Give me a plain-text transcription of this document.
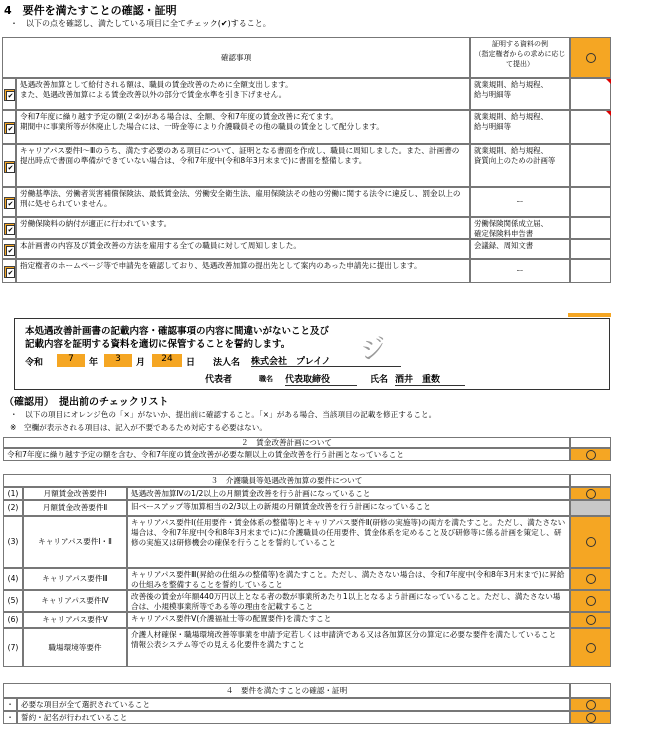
4　要件を満たすことの確認・証明
・　以下の点を確認し、満たしている項目に全てチェック(✔)すること。
確認事項
証明する資料の例
（指定権者からの求めに応じて提出）
✔
処遇改善加算として給付される額は、職員の賃金改善のために全額支出します。
また、処遇改善加算による賃金改善以外の部分で賃金水準を引き下げません。
就業規則、給与規程、
給与明細等
✔
令和7年度に繰り越す予定の額(２②)がある場合は、全額、令和7年度の賃金改善に充てます。
期間中に事業所等が休廃止した場合には、一時金等により介護職員その他の職員の賃金として配分します。
就業規則、給与規程、
給与明細等
✔
キャリアパス要件Ⅰ～Ⅲのうち、満たす必要のある項目について、証明となる書面を作成し、職員に周知しました。また、計画書の提出時点で書面の準備ができていない場合は、令和7年度中(令和8年3月末まで)に書面を整備します。
就業規則、給与規程、
資質向上のための計画等
✔
労働基準法、労働者災害補償保険法、最低賃金法、労働安全衛生法、雇用保険法その他の労働に関する法令に違反し、罰金以上の刑に処せられていません。	ー
✔
労働保険料の納付が適正に行われています。	労働保険関係成立届、
確定保険料申告書
✔
本計画書の内容及び賃金改善の方法を雇用する全ての職員に対して周知しました。	会議録、周知文書
✔
指定権者のホームページ等で申請先を確認しており、処遇改善加算の提出先として案内のあった申請先に提出します。
ー
本処遇改善計画書の記載内容・確認事項の内容に間違いがないこと及び
記載内容を証明する資料を適切に保管することを誓約します。
令和	7	年	3	月	24	日 法人名 株式会社　プレイノ	ジ
代表者	職名 代表取締役	氏名 酒井　重数
（確認用）　提出前のチェックリスト
・　以下の項目にオレンジ色の「×」がないか、提出前に確認すること。「×」がある場合、当該項目の記載を修正すること。
※　空欄が表示される項目は、記入が不要であるため対応する必要はない。
２　賃金改善計画について
令和7年度に繰り越す予定の額を含む、令和7年度の賃金改善が必要な額以上の賃金改善を行う計画となっていること
３　介護職員等処遇改善加算の要件について
(1)	月額賃金改善要件Ⅰ	処遇改善加算Ⅳの1/2以上の月額賃金改善を行う計画になっていること
(2)	月額賃金改善要件Ⅱ	旧ベースアップ等加算相当の2/3以上の新規の月額賃金改善を行う計画になっていること
(3)	キャリアパス要件Ⅰ・Ⅱ
キャリアパス要件Ⅰ(任用要件・賃金体系の整備等)とキャリアパス要件Ⅱ(研修の実施等)の両方を満たすこと。ただし、満たさない場合は、令和7年度中(令和8年3月末までに)に介護職員の任用要件、賃金体系を定めること及び研修等に係る計画を策定し、研修の実施又は研修機会の確保を行うことを誓約していること
(4)	キャリアパス要件Ⅲ	キャリアパス要件Ⅲ(昇給の仕組みの整備等)を満たすこと。ただし、満たさない場合は、令和7年度中(令和8年3月末まで)に昇給の仕組みを整備することを誓約していること
(5)	キャリアパス要件Ⅳ	改善後の賃金が年額440万円以上となる者の数が事業所あたり1以上となるよう計画になっていること。ただし、満たさない場合は、小規模事業所等である等の理由を記載すること
(6)	キャリアパス要件Ⅴ	キャリアパス要件Ⅴ(介護福祉士等の配置要件)を満たすこと
(7)	職場環境等要件
介護人材確保・職場環境改善等事業を申請予定若しくは申請済である又は各加算区分の算定に必要な要件を満たしていること
情報公表システム等での見える化要件を満たすこと
４　要件を満たすことの確認・証明
・ 必要な項目が全て選択されていること
・ 誓約・記名が行われていること
